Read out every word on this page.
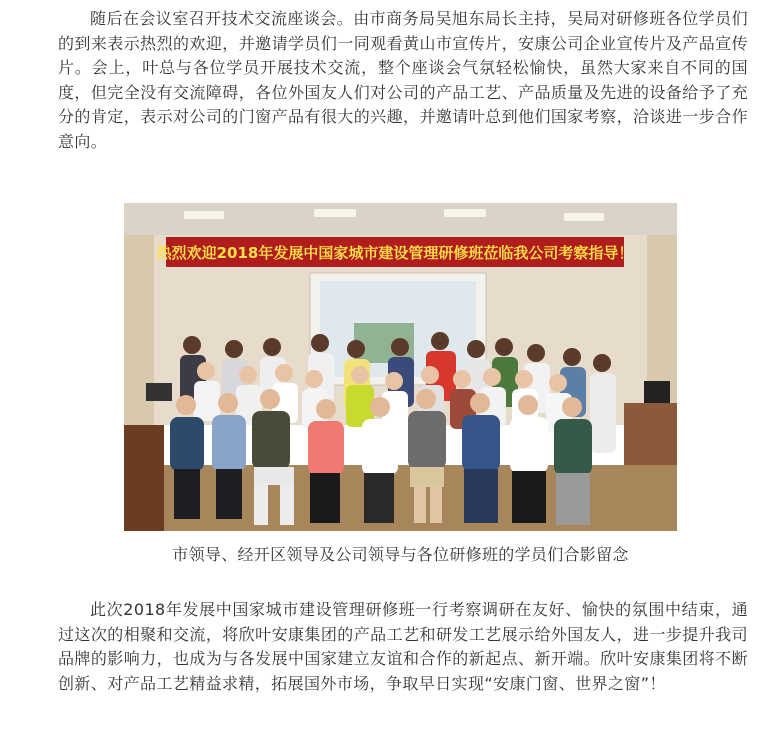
随后在会议室召开技术交流座谈会。由市商务局吴旭东局长主持，吴局对研修班各位学员们的到来表示热烈的欢迎，并邀请学员们一同观看黄山市宣传片，安康公司企业宣传片及产品宣传片。会上，叶总与各位学员开展技术交流，整个座谈会气氛轻松愉快，虽然大家来自不同的国度，但完全没有交流障碍，各位外国友人们对公司的产品工艺、产品质量及先进的设备给予了充分的肯定，表示对公司的门窗产品有很大的兴趣，并邀请叶总到他们国家考察，洽谈进一步合作意向。

热烈欢迎2018年发展中国家城市建设管理研修班莅临我公司考察指导！
市领导、经开区领导及公司领导与各位研修班的学员们合影留念

此次2018年发展中国家城市建设管理研修班一行考察调研在友好、愉快的氛围中结束，通过这次的相聚和交流，将欣叶安康集团的产品工艺和研发工艺展示给外国友人，进一步提升我司品牌的影响力，也成为与各发展中国家建立友谊和合作的新起点、新开端。欣叶安康集团将不断创新、对产品工艺精益求精，拓展国外市场，争取早日实现“安康门窗、世界之窗”！
